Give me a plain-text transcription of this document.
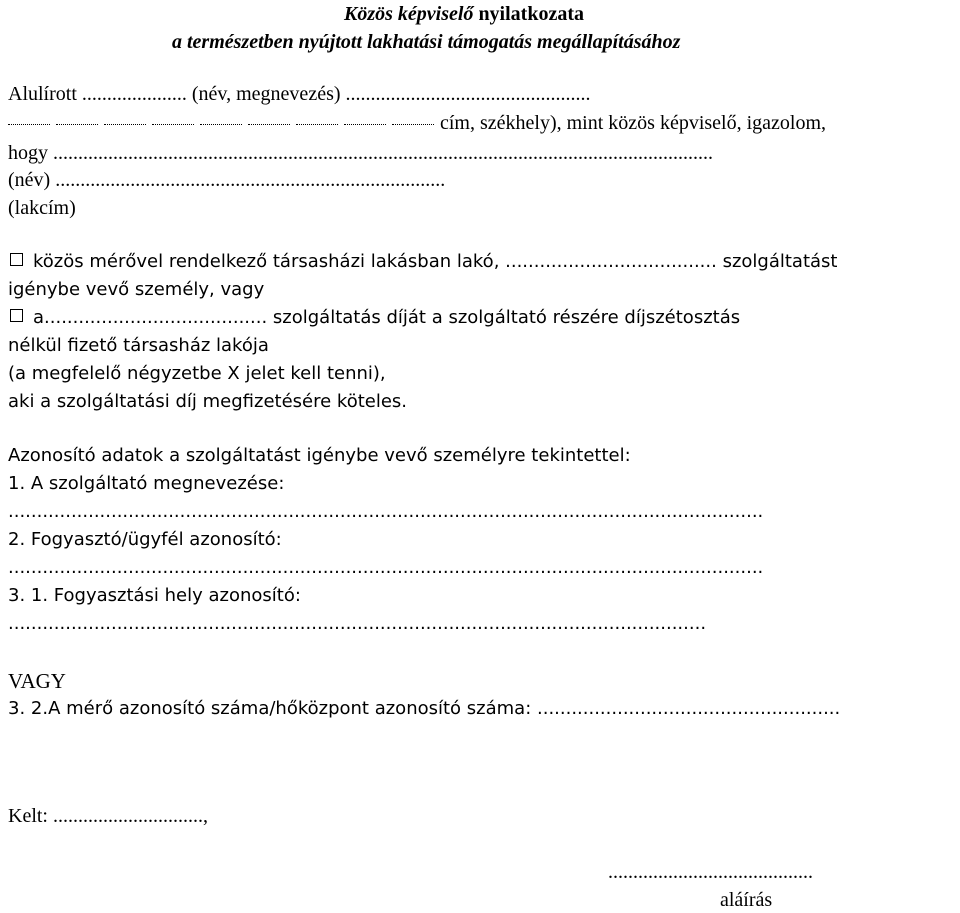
Közös képviselő nyilatkozata
a természetben nyújtott lakhatási támogatás megállapításához
Alulírott ..................... (név, megnevezés) .................................................
cím, székhely), mint közös képviselő, igazolom,
hogy ....................................................................................................................................
(név) ..............................................................................
(lakcím)
közös mérővel rendelkező társasházi lakásban lakó, ..................................... szolgáltatást
igénybe vevő személy, vagy
a....................................... szolgáltatás díját a szolgáltató részére díjszétosztás
nélkül fizető társasház lakója
(a megfelelő négyzetbe X jelet kell tenni),
aki a szolgáltatási díj megfizetésére köteles.
Azonosító adatok a szolgáltatást igénybe vevő személyre tekintettel:
1. A szolgáltató megnevezése:
....................................................................................................................................
2. Fogyasztó/ügyfél azonosító:
....................................................................................................................................
3. 1. Fogyasztási hely azonosító:
..........................................................................................................................
VAGY
3. 2.A mérő azonosító száma/hőközpont azonosító száma: .....................................................
Kelt: ..............................,
.........................................
aláírás
